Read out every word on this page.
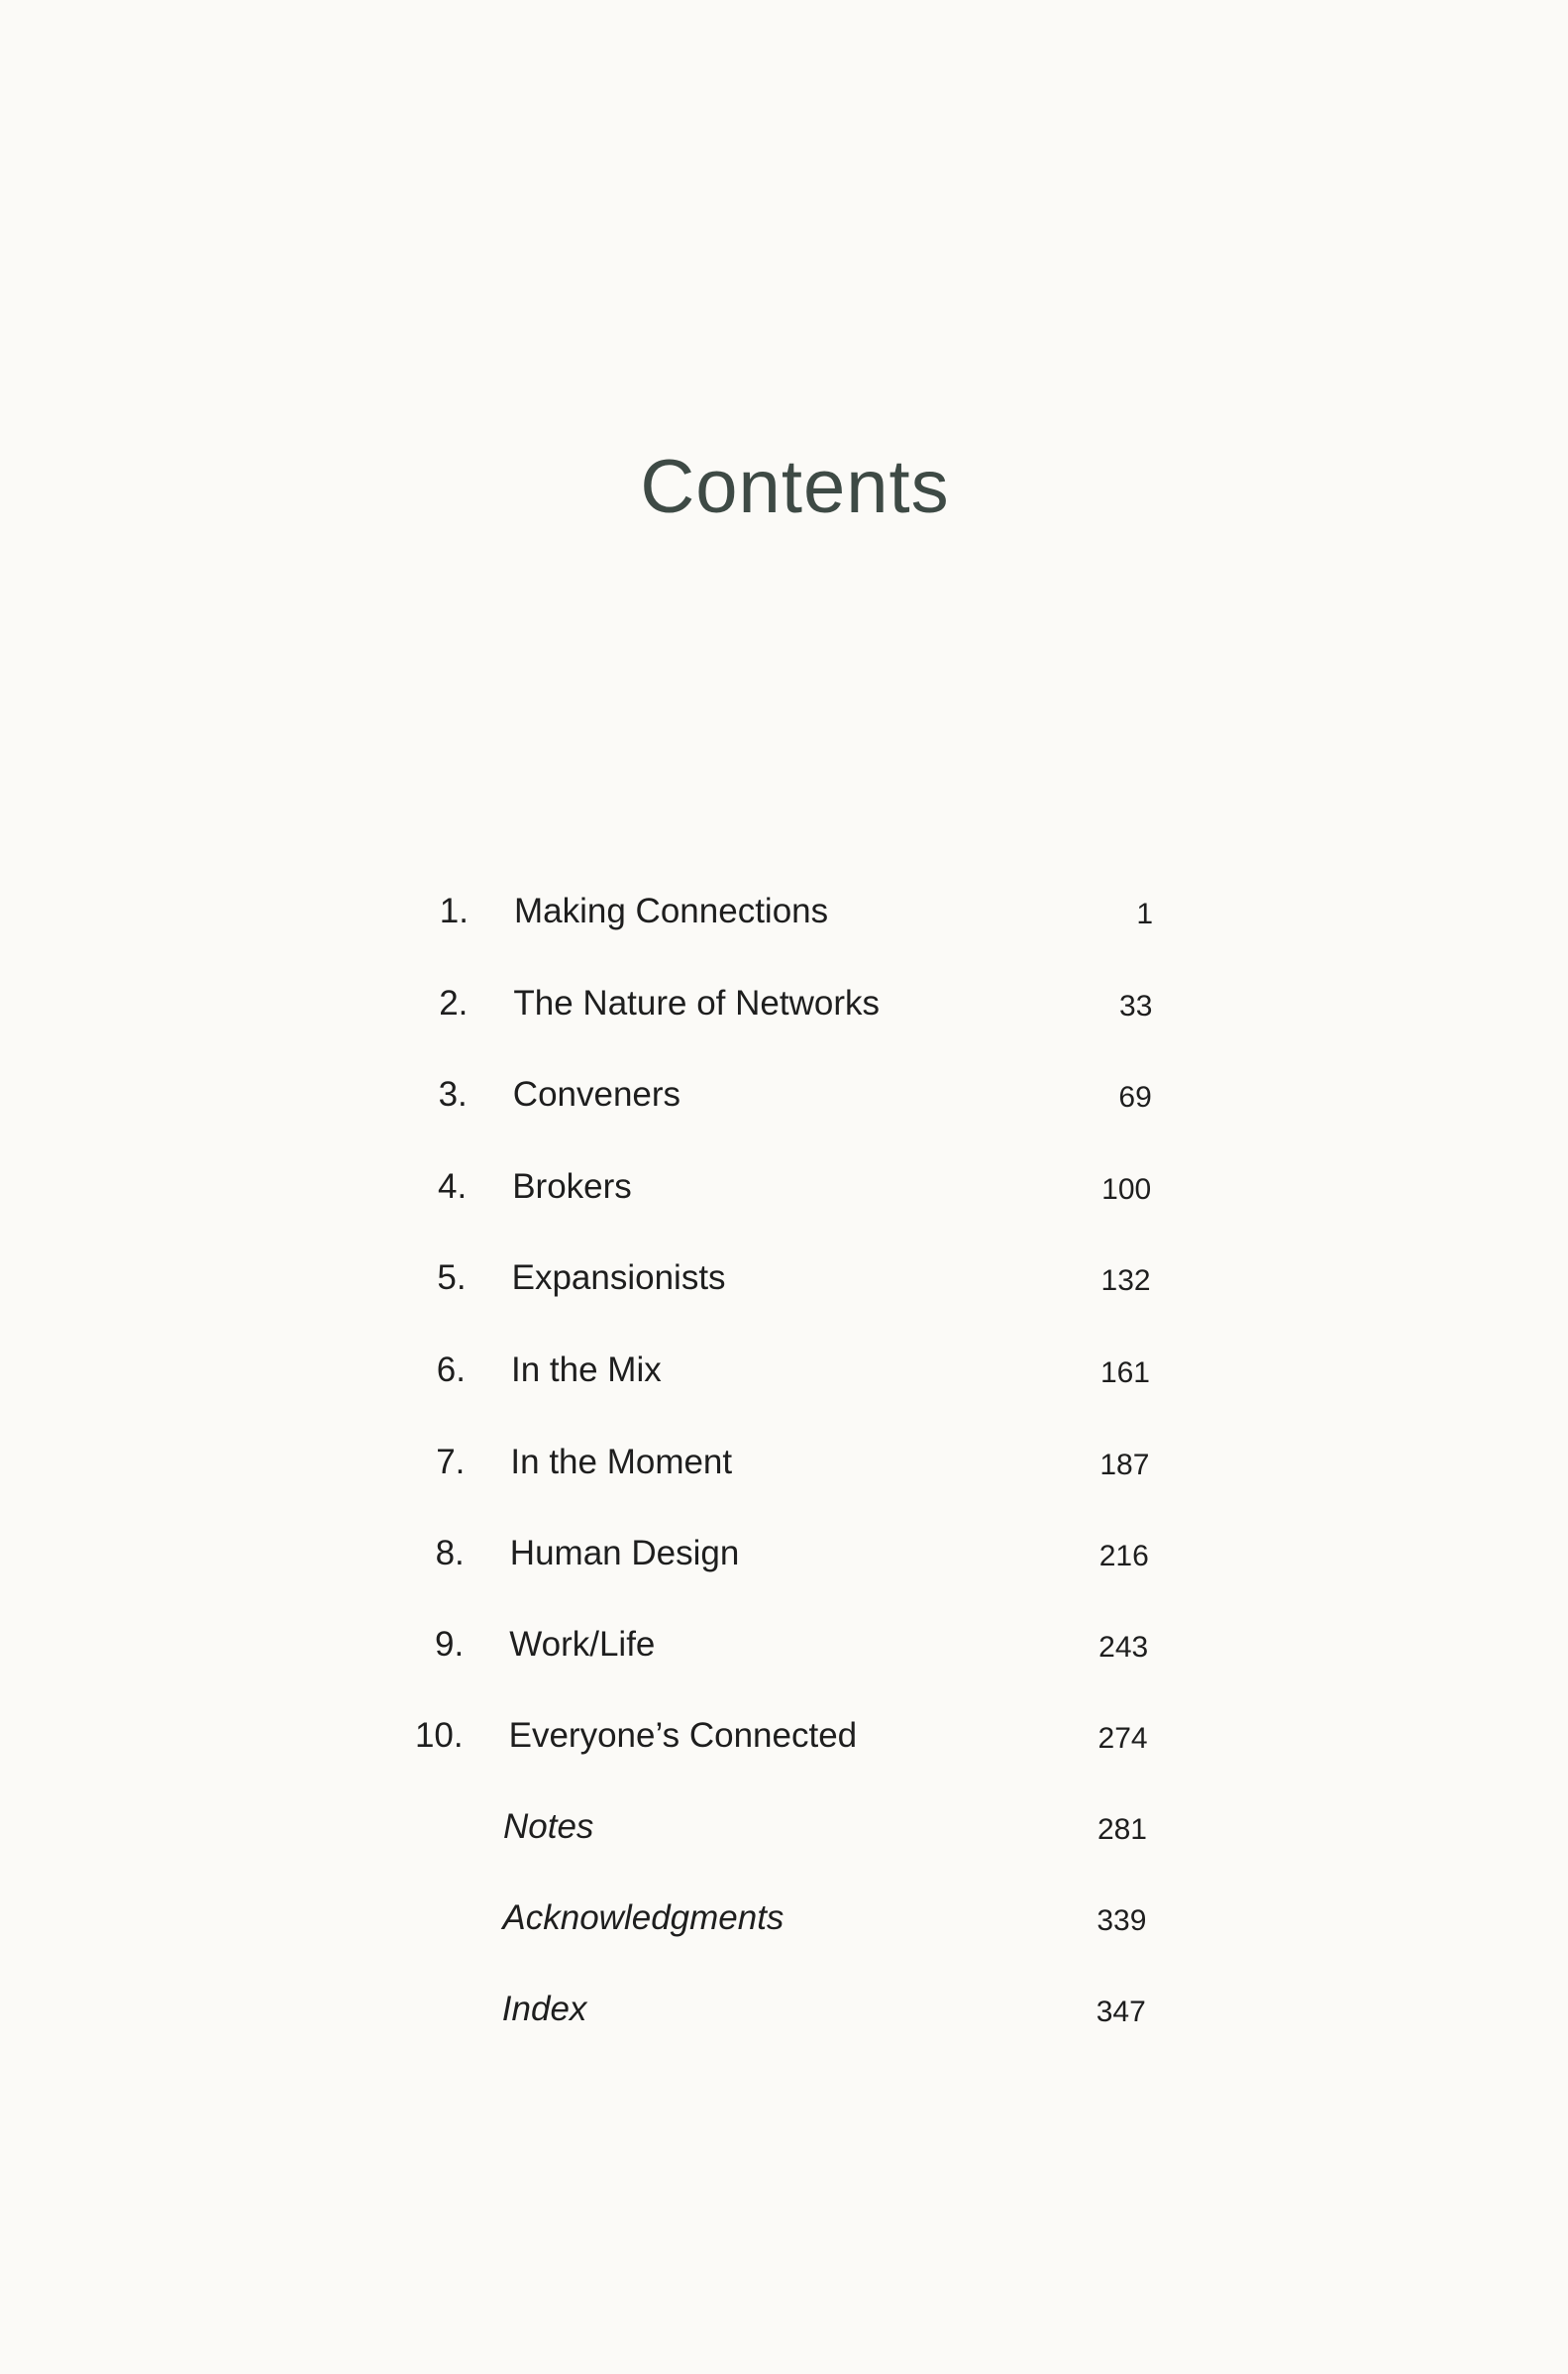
Contents
1. Making Connections	1
2. The Nature of Networks	33
3. Conveners	69
4. Brokers	100
5. Expansionists	132
6. In the Mix	161
7. In the Moment	187
8. Human Design	216
9. Work/Life	243
10. Everyone’s Connected	274
Notes	281
Acknowledgments	339
Index	347
